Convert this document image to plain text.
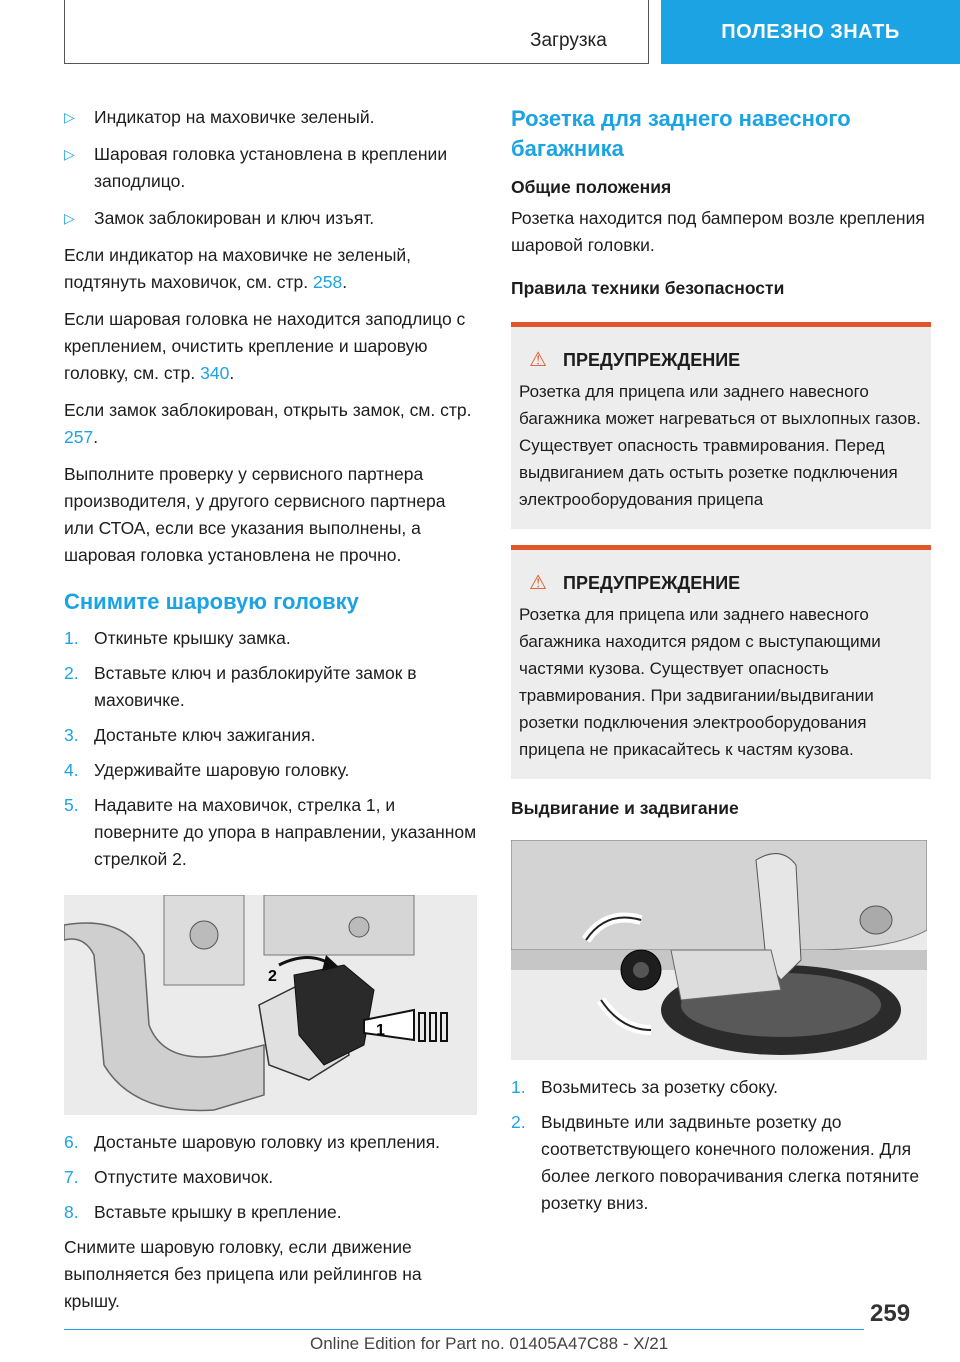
Загрузка	ПОЛЕЗНО ЗНАТЬ
▷	Индикатор на маховичке зеленый.
▷	Шаровая головка установлена в креплении заподлицо.
▷	Замок заблокирован и ключ изъят.

Если индикатор на маховичке не зеленый, подтянуть маховичок, см. стр. 258.

Если шаровая головка не находится заподлицо с креплением, очистить крепление и шаровую головку, см. стр. 340.

Если замок заблокирован, открыть замок, см. стр. 257.

Выполните проверку у сервисного партнера производителя, у другого сервисного партнера или СТОА, если все указания выполнены, а шаровая головка установлена не прочно.

Снимите шаровую головку
1. Откиньте крышку замка.
2. Вставьте ключ и разблокируйте замок в маховичке.
3. Достаньте ключ зажигания.
4. Удерживайте шаровую головку.
5. Надавите на маховичок, стрелка 1, и поверните до упора в направлении, указанном стрелкой 2.
2
1
6. Достаньте шаровую головку из крепления.
7. Отпустите маховичок.
8. Вставьте крышку в крепление.

Снимите шаровую головку, если движение выполняется без прицепа или рейлингов на крышу.

Розетка для заднего навесного багажника
Общие положения

Розетка находится под бампером возле крепления шаровой головки.

Правила техники безопасности
⚠ ПРЕДУПРЕЖДЕНИЕ
Розетка для прицепа или заднего навесного багажника может нагреваться от выхлопных газов. Существует опасность травмирования. Перед выдвиганием дать остыть розетке подключения электрооборудования прицепа
⚠ ПРЕДУПРЕЖДЕНИЕ
Розетка для прицепа или заднего навесного багажника находится рядом с выступающими частями кузова. Существует опасность травмирования. При задвигании/выдвигании розетки подключения электрооборудования прицепа не прикасайтесь к частям кузова.
Выдвигание и задвигание
1. Возьмитесь за розетку сбоку.
2. Выдвиньте или задвиньте розетку до соответствующего конечного положения. Для более легкого поворачивания слегка потяните розетку вниз.
259
Online Edition for Part no. 01405A47C88 - X/21
